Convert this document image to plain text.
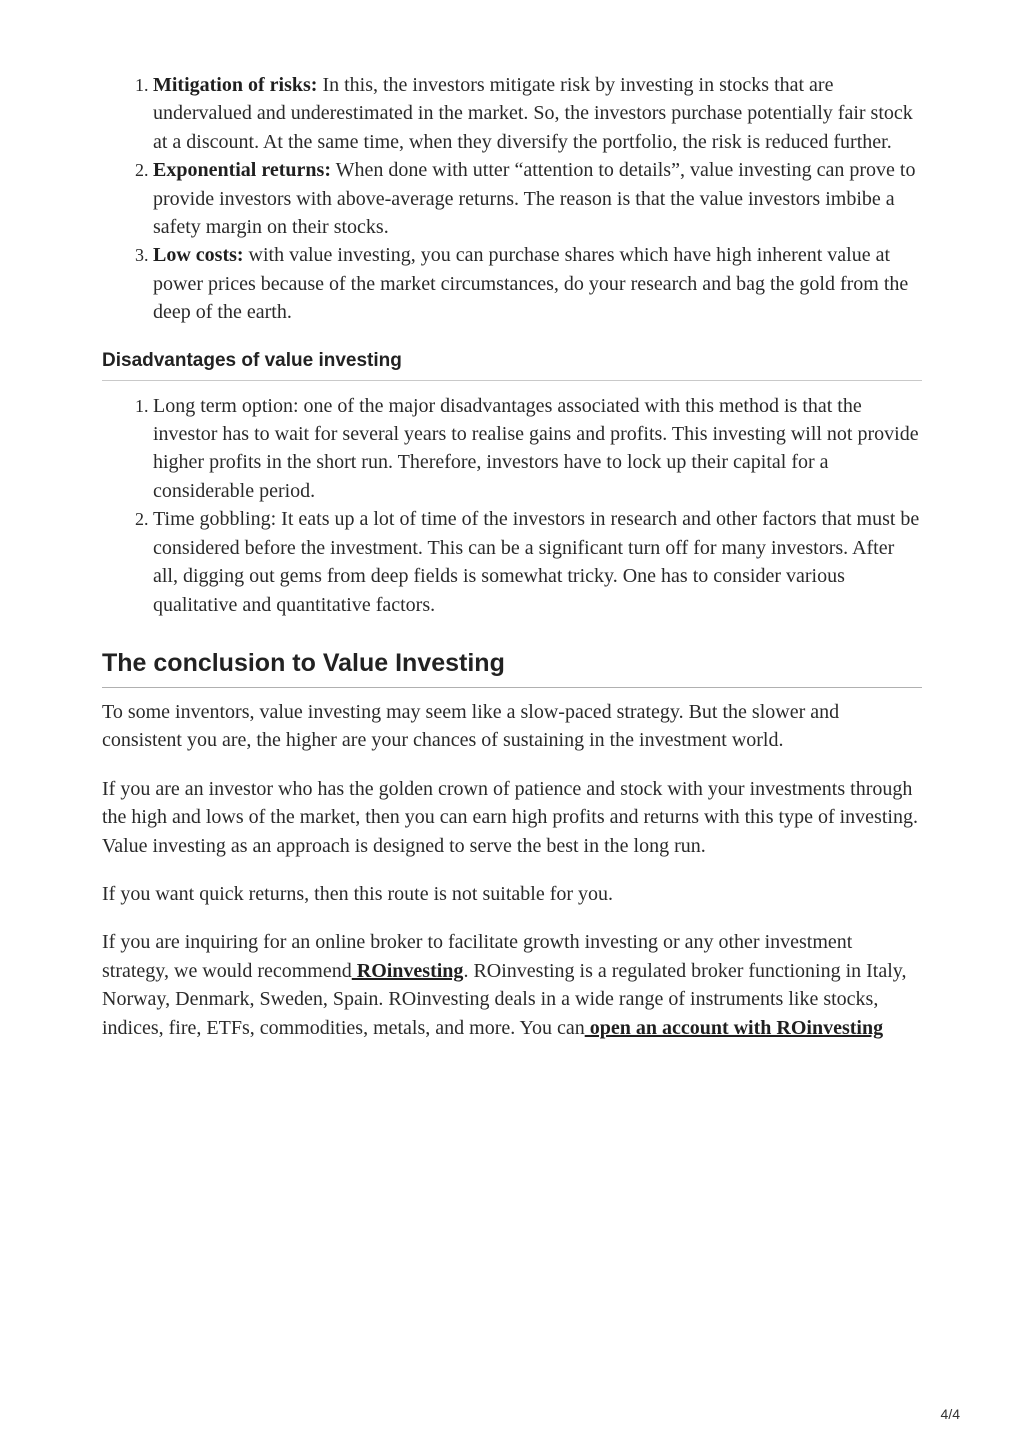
1. Mitigation of risks: In this, the investors mitigate risk by investing in stocks that are undervalued and underestimated in the market. So, the investors purchase potentially fair stock at a discount. At the same time, when they diversify the portfolio, the risk is reduced further.
2. Exponential returns: When done with utter “attention to details”, value investing can prove to provide investors with above-average returns. The reason is that the value investors imbibe a safety margin on their stocks.
3. Low costs: with value investing, you can purchase shares which have high inherent value at power prices because of the market circumstances, do your research and bag the gold from the deep of the earth.
Disadvantages of value investing
1. Long term option: one of the major disadvantages associated with this method is that the investor has to wait for several years to realise gains and profits. This investing will not provide higher profits in the short run. Therefore, investors have to lock up their capital for a considerable period.
2. Time gobbling: It eats up a lot of time of the investors in research and other factors that must be considered before the investment. This can be a significant turn off for many investors. After all, digging out gems from deep fields is somewhat tricky. One has to consider various qualitative and quantitative factors.
The conclusion to Value Investing

To some inventors, value investing may seem like a slow-paced strategy. But the slower and consistent you are, the higher are your chances of sustaining in the investment world.

If you are an investor who has the golden crown of patience and stock with your investments through the high and lows of the market, then you can earn high profits and returns with this type of investing. Value investing as an approach is designed to serve the best in the long run.

If you want quick returns, then this route is not suitable for you.

If you are inquiring for an online broker to facilitate growth investing or any other investment strategy, we would recommend ROinvesting. ROinvesting is a regulated broker functioning in Italy, Norway, Denmark, Sweden, Spain. ROinvesting deals in a wide range of instruments like stocks, indices, fire, ETFs, commodities, metals, and more. You can open an account with ROinvesting

4/4
